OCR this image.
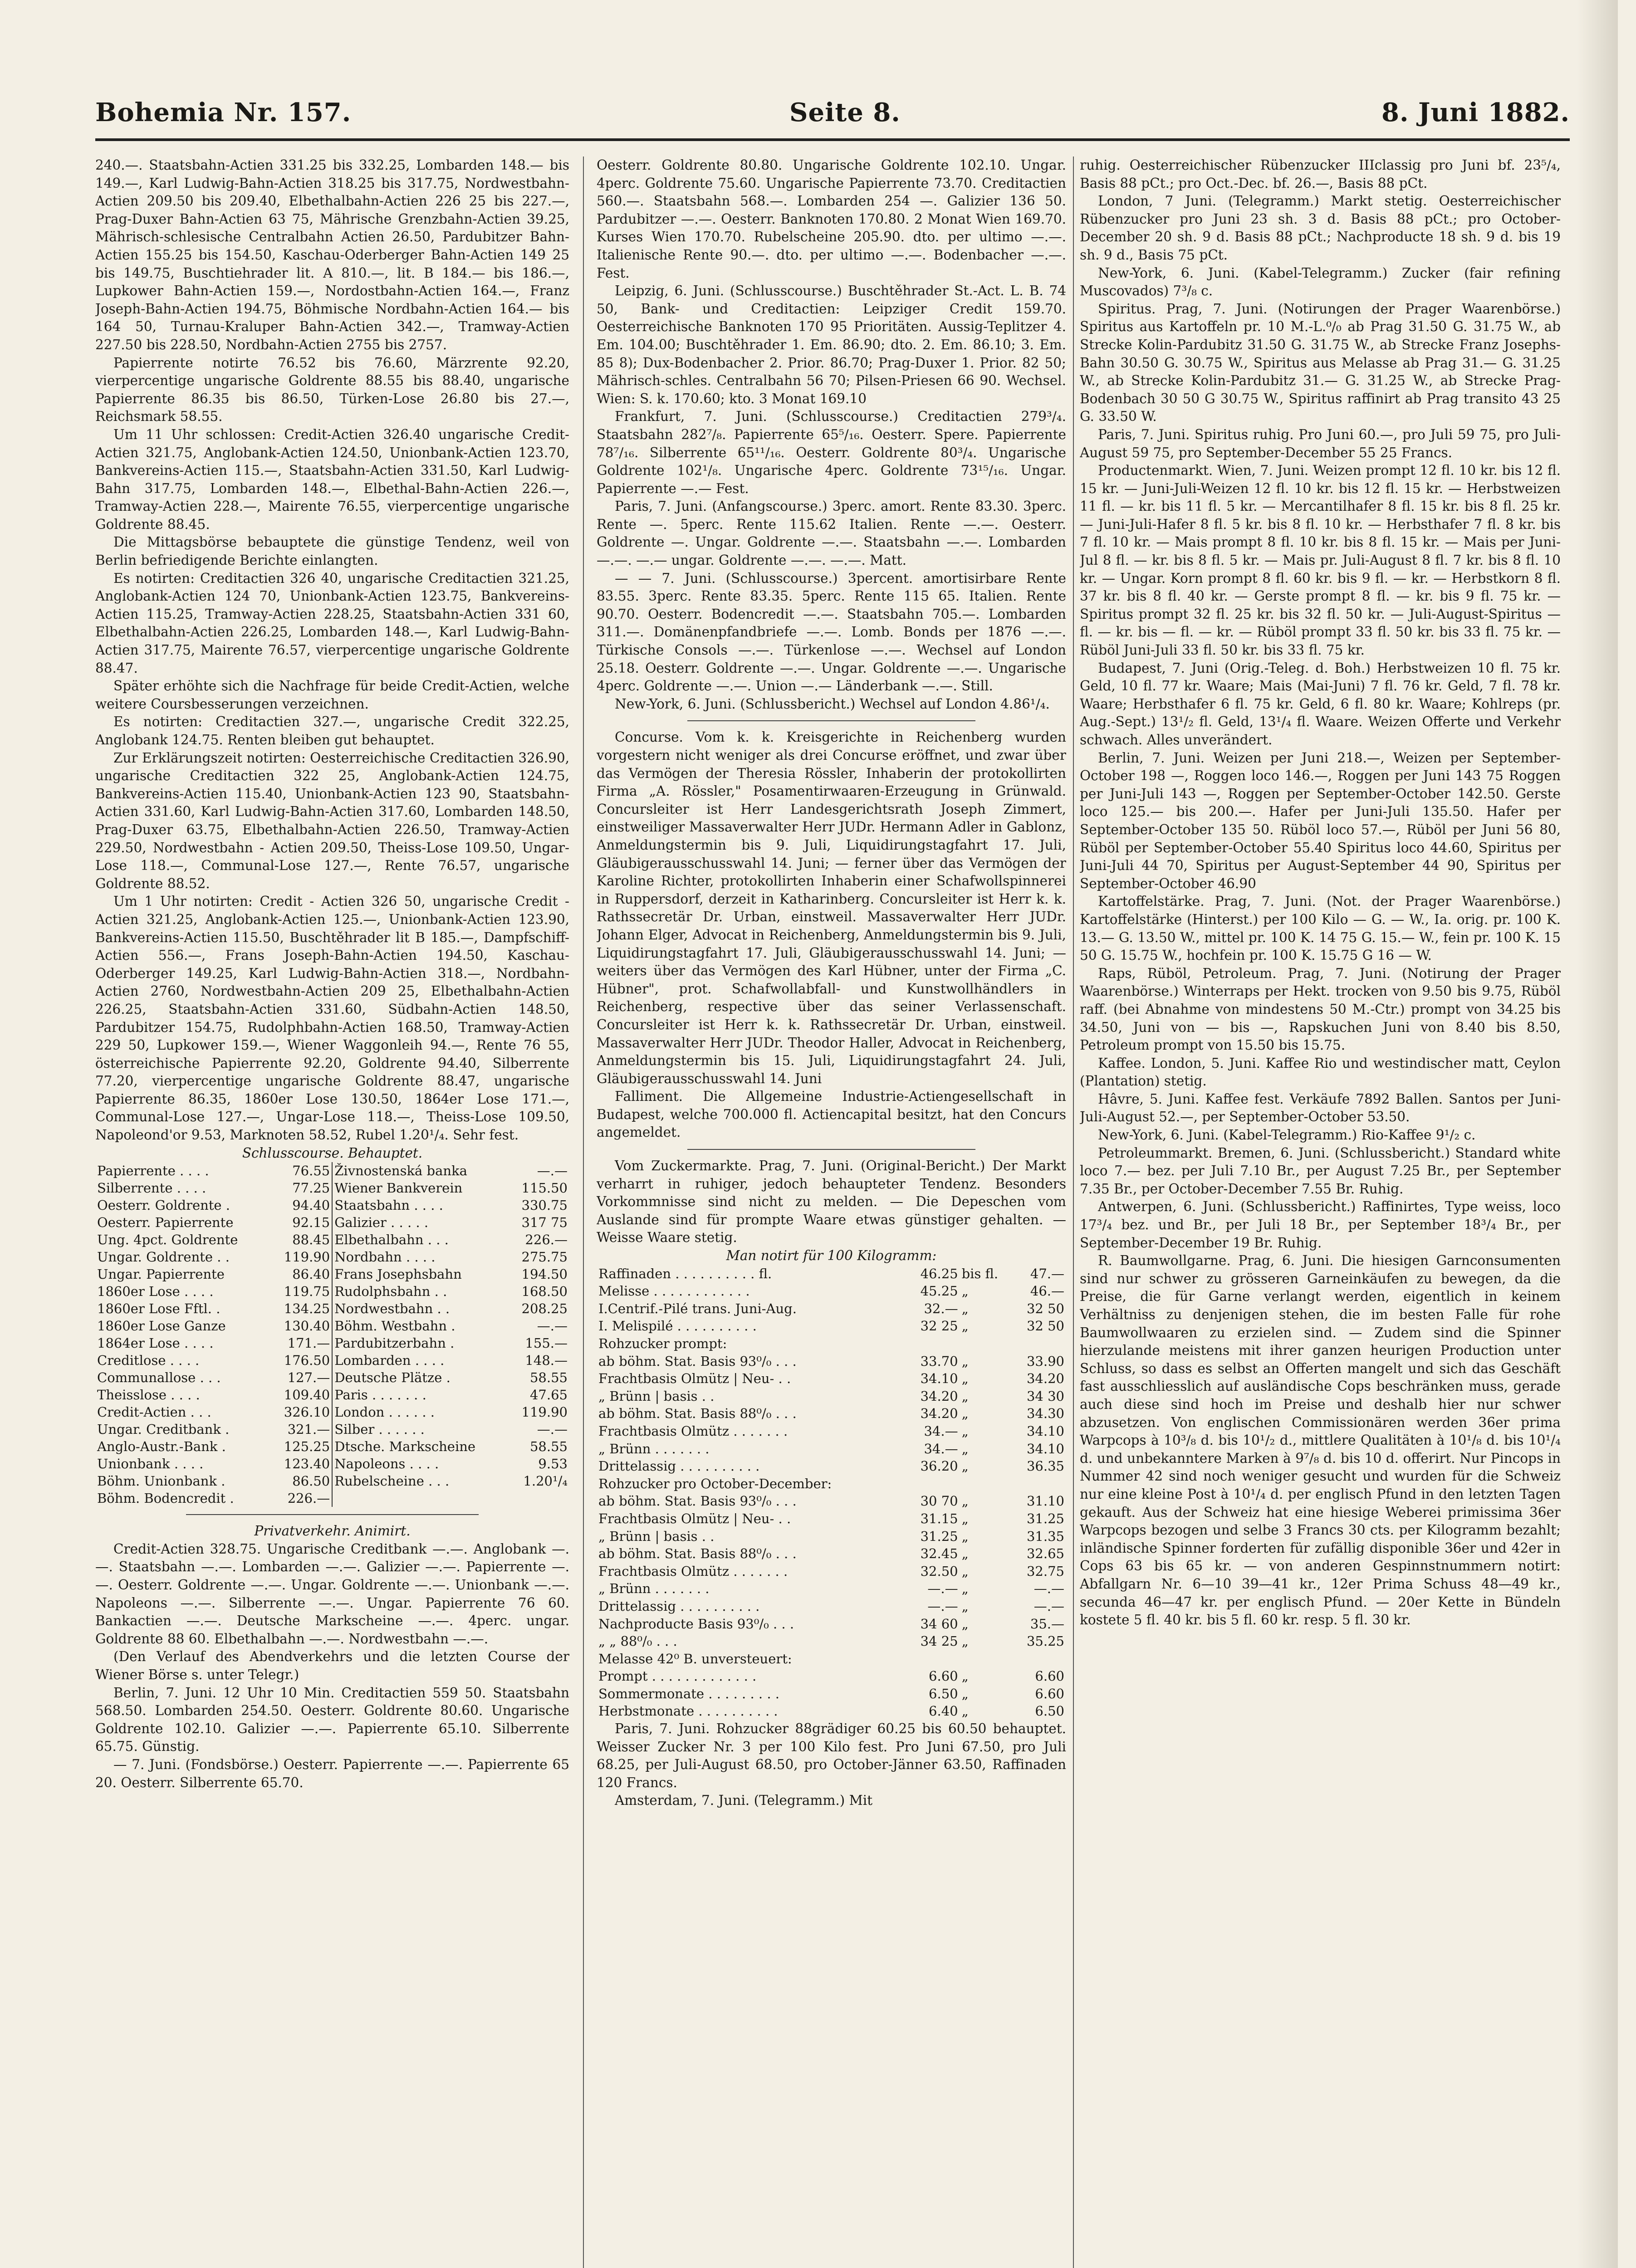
Bohemia Nr. 157.	Seite 8.	8. Juni 1882.

240.—. Staatsbahn-Actien 331.25 bis 332.25, Lombarden 148.— bis 149.—, Karl Ludwig-Bahn-Actien 318.25 bis 317.75, Nordwestbahn-Actien 209.50 bis 209.40, Elbethalbahn-Actien 226 25 bis 227.—, Prag-Duxer Bahn-Actien 63 75, Mährische Grenzbahn-Actien 39.25, Mährisch-schlesische Centralbahn Actien 26.50, Pardubitzer Bahn-Actien 155.25 bis 154.50, Kaschau-Oderberger Bahn-Actien 149 25 bis 149.75, Buschtiehrader lit. A 810.—, lit. B 184.— bis 186.—, Lupkower Bahn-Actien 159.—, Nordostbahn-Actien 164.—, Franz Joseph-Bahn-Actien 194.75, Böhmische Nordbahn-Actien 164.— bis 164 50, Turnau-Kraluper Bahn-Actien 342.—, Tramway-Actien 227.50 bis 228.50, Nordbahn-Actien 2755 bis 2757.

Papierrente notirte 76.52 bis 76.60, Märzrente 92.20, vierpercentige ungarische Goldrente 88.55 bis 88.40, ungarische Papierrente 86.35 bis 86.50, Türken-Lose 26.80 bis 27.—, Reichsmark 58.55.

Um 11 Uhr schlossen: Credit-Actien 326.40 ungarische Credit-Actien 321.75, Anglobank-Actien 124.50, Unionbank-Actien 123.70, Bankvereins-Actien 115.—, Staatsbahn-Actien 331.50, Karl Ludwig-Bahn 317.75, Lombarden 148.—, Elbethal-Bahn-Actien 226.—, Tramway-Actien 228.—, Mairente 76.55, vierpercentige ungarische Goldrente 88.45.

Die Mittagsbörse bebauptete die günstige Tendenz, weil von Berlin befriedigende Berichte einlangten.

Es notirten: Creditactien 326 40, ungarische Creditactien 321.25, Anglobank-Actien 124 70, Unionbank-Actien 123.75, Bankvereins-Actien 115.25, Tramway-Actien 228.25, Staatsbahn-Actien 331 60, Elbethalbahn-Actien 226.25, Lombarden 148.—, Karl Ludwig-Bahn-Actien 317.75, Mairente 76.57, vierpercentige ungarische Goldrente 88.47.

Später erhöhte sich die Nachfrage für beide Credit-Actien, welche weitere Coursbesserungen verzeichnen.

Es notirten: Creditactien 327.—, ungarische Credit 322.25, Anglobank 124.75. Renten bleiben gut behauptet.

Zur Erklärungszeit notirten: Oesterreichische Creditactien 326.90, ungarische Creditactien 322 25, Anglobank-Actien 124.75, Bankvereins-Actien 115.40, Unionbank-Actien 123 90, Staatsbahn-Actien 331.60, Karl Ludwig-Bahn-Actien 317.60, Lombarden 148.50, Prag-Duxer 63.75, Elbethalbahn-Actien 226.50, Tramway-Actien 229.50, Nordwestbahn - Actien 209.50, Theiss-Lose 109.50, Ungar-Lose 118.—, Communal-Lose 127.—, Rente 76.57, ungarische Goldrente 88.52.

Um 1 Uhr notirten: Credit - Actien 326 50, ungarische Credit - Actien 321.25, Anglobank-Actien 125.—, Unionbank-Actien 123.90, Bankvereins-Actien 115.50, Buschtěhrader lit B 185.—, Dampfschiff-Actien 556.—, Frans Joseph-Bahn-Actien 194.50, Kaschau-Oderberger 149.25, Karl Ludwig-Bahn-Actien 318.—, Nordbahn-Actien 2760, Nordwestbahn-Actien 209 25, Elbethalbahn-Actien 226.25, Staatsbahn-Actien 331.60, Südbahn-Actien 148.50, Pardubitzer 154.75, Rudolphbahn-Actien 168.50, Tramway-Actien 229 50, Lupkower 159.—, Wiener Waggonleih 94.—, Rente 76 55, österreichische Papierrente 92.20, Goldrente 94.40, Silberrente 77.20, vierpercentige ungarische Goldrente 88.47, ungarische Papierrente 86.35, 1860er Lose 130.50, 1864er Lose 171.—, Communal-Lose 127.—, Ungar-Lose 118.—, Theiss-Lose 109.50, Napoleond'or 9.53, Marknoten 58.52, Rubel 1.20¹/₄. Sehr fest.

Schlusscourse. Behauptet.

Papierrente . . . .	76.55	Živnostenská banka	—.—
Silberrente . . . .	77.25	Wiener Bankverein	115.50
Oesterr. Goldrente .	94.40	Staatsbahn . . . .	330.75
Oesterr. Papierrente	92.15	Galizier . . . . .	317 75
Ung. 4pct. Goldrente	88.45	Elbethalbahn . . .	226.—
Ungar. Goldrente . .	119.90	Nordbahn . . . .	275.75
Ungar. Papierrente	86.40	Frans Josephsbahn	194.50
1860er Lose . . . .	119.75	Rudolphsbahn . .	168.50
1860er Lose Fftl. .	134.25	Nordwestbahn . .	208.25
1860er Lose Ganze	130.40	Böhm. Westbahn .	—.—
1864er Lose . . . .	171.—	Pardubitzerbahn .	155.—
Creditlose . . . .	176.50	Lombarden . . . .	148.—
Communallose . . .	127.—	Deutsche Plätze .	58.55
Theisslose . . . .	109.40	Paris . . . . . . .	47.65
Credit-Actien . . .	326.10	London . . . . . .	119.90
Ungar. Creditbank .	321.—	Silber . . . . . .	—.—
Anglo-Austr.-Bank .	125.25	Dtsche. Markscheine	58.55
Unionbank . . . .	123.40	Napoleons . . . .	9.53
Böhm. Unionbank .	86.50	Rubelscheine . . .	1.20¹/₄
Böhm. Bodencredit .	226.—		

Privatverkehr. Animirt.

Credit-Actien 328.75. Ungarische Creditbank —.—. Anglobank —.—. Staatsbahn —.—. Lombarden —.—. Galizier —.—. Papierrente —.—. Oesterr. Goldrente —.—. Ungar. Goldrente —.—. Unionbank —.—. Napoleons —.—. Silberrente —.—. Ungar. Papierrente 76 60. Bankactien —.—. Deutsche Markscheine —.—. 4perc. ungar. Goldrente 88 60. Elbethalbahn —.—. Nordwestbahn —.—.

(Den Verlauf des Abendverkehrs und die letzten Course der Wiener Börse s. unter Telegr.)

Berlin, 7. Juni. 12 Uhr 10 Min. Creditactien 559 50. Staatsbahn 568.50. Lombarden 254.50. Oesterr. Goldrente 80.60. Ungarische Goldrente 102.10. Galizier —.—. Papierrente 65.10. Silberrente 65.75. Günstig.

— 7. Juni. (Fondsbörse.) Oesterr. Papierrente —.—. Papierrente 65 20. Oesterr. Silberrente 65.70.

Oesterr. Goldrente 80.80. Ungarische Goldrente 102.10. Ungar. 4perc. Goldrente 75.60. Ungarische Papierrente 73.70. Creditactien 560.—. Staatsbahn 568.—. Lombarden 254 —. Galizier 136 50. Pardubitzer —.—. Oesterr. Banknoten 170.80. 2 Monat Wien 169.70. Kurses Wien 170.70. Rubelscheine 205.90. dto. per ultimo —.—. Italienische Rente 90.—. dto. per ultimo —.—. Bodenbacher —.—. Fest.

Leipzig, 6. Juni. (Schlusscourse.) Buschtěhrader St.-Act. L. B. 74 50, Bank- und Creditactien: Leipziger Credit 159.70. Oesterreichische Banknoten 170 95 Prioritäten. Aussig-Teplitzer 4. Em. 104.00; Buschtěhrader 1. Em. 86.90; dto. 2. Em. 86.10; 3. Em. 85 8); Dux-Bodenbacher 2. Prior. 86.70; Prag-Duxer 1. Prior. 82 50; Mährisch-schles. Centralbahn 56 70; Pilsen-Priesen 66 90. Wechsel. Wien: S. k. 170.60; kto. 3 Monat 169.10

Frankfurt, 7. Juni. (Schlusscourse.) Creditactien 279³/₄. Staatsbahn 282⁷/₈. Papierrente 65⁵/₁₆. Oesterr. Spere. Papierrente 78⁷/₁₆. Silberrente 65¹¹/₁₆. Oesterr. Goldrente 80³/₄. Ungarische Goldrente 102¹/₈. Ungarische 4perc. Goldrente 73¹⁵/₁₆. Ungar. Papierrente —.— Fest.

Paris, 7. Juni. (Anfangscourse.) 3perc. amort. Rente 83.30. 3perc. Rente —. 5perc. Rente 115.62 Italien. Rente —.—. Oesterr. Goldrente —. Ungar. Goldrente —.—. Staatsbahn —.—. Lombarden —.—. —.— ungar. Goldrente —.—. —.—. Matt.

— — 7. Juni. (Schlusscourse.) 3percent. amortisirbare Rente 83.55. 3perc. Rente 83.35. 5perc. Rente 115 65. Italien. Rente 90.70. Oesterr. Bodencredit —.—. Staatsbahn 705.—. Lombarden 311.—. Domänenpfandbriefe —.—. Lomb. Bonds per 1876 —.—. Türkische Consols —.—. Türkenlose —.—. Wechsel auf London 25.18. Oesterr. Goldrente —.—. Ungar. Goldrente —.—. Ungarische 4perc. Goldrente —.—. Union —.— Länderbank —.—. Still.

New-York, 6. Juni. (Schlussbericht.) Wechsel auf London 4.86¹/₄.

Concurse. Vom k. k. Kreisgerichte in Reichenberg wurden vorgestern nicht weniger als drei Concurse eröffnet, und zwar über das Vermögen der Theresia Rössler, Inhaberin der protokollirten Firma „A. Rössler," Posamentirwaaren-Erzeugung in Grünwald. Concursleiter ist Herr Landesgerichtsrath Joseph Zimmert, einstweiliger Massaverwalter Herr JUDr. Hermann Adler in Gablonz, Anmeldungstermin bis 9. Juli, Liquidirungstagfahrt 17. Juli, Gläubigerausschusswahl 14. Juni; — ferner über das Vermögen der Karoline Richter, protokollirten Inhaberin einer Schafwollspinnerei in Ruppersdorf, derzeit in Katharinberg. Concursleiter ist Herr k. k. Rathssecretär Dr. Urban, einstweil. Massaverwalter Herr JUDr. Johann Elger, Advocat in Reichenberg, Anmeldungstermin bis 9. Juli, Liquidirungstagfahrt 17. Juli, Gläubigerausschusswahl 14. Juni; — weiters über das Vermögen des Karl Hübner, unter der Firma „C. Hübner", prot. Schafwollabfall- und Kunstwollhändlers in Reichenberg, respective über das seiner Verlassenschaft. Concursleiter ist Herr k. k. Rathssecretär Dr. Urban, einstweil. Massaverwalter Herr JUDr. Theodor Haller, Advocat in Reichenberg, Anmeldungstermin bis 15. Juli, Liquidirungstagfahrt 24. Juli, Gläubigerausschusswahl 14. Juni

Falliment. Die Allgemeine Industrie-Actiengesellschaft in Budapest, welche 700.000 fl. Actiencapital besitzt, hat den Concurs angemeldet.

Vom Zuckermarkte. Prag, 7. Juni. (Original-Bericht.) Der Markt verharrt in ruhiger, jedoch behaupteter Tendenz. Besonders Vorkommnisse sind nicht zu melden. — Die Depeschen vom Auslande sind für prompte Waare etwas günstiger gehalten. — Weisse Waare stetig.

Man notirt für 100 Kilogramm:

Raffinaden . . . . . . . . . . fl.	46.25	bis fl.	47.—
Melisse . . . . . . . . . . . .	45.25	„	46.—
I.Centrif.-Pilé trans. Juni-Aug.	32.—	„	32 50
I. Melispilé . . . . . . . . . .	32 25	„	32 50
Rohzucker prompt:			
ab böhm. Stat. Basis 93⁰/₀ . . .	33.70	„	33.90
Frachtbasis Olmütz | Neu- . .	34.10	„	34.20
„ Brünn | basis . .	34.20	„	34 30
ab böhm. Stat. Basis 88⁰/₀ . . .	34.20	„	34.30
Frachtbasis Olmütz . . . . . . .	34.—	„	34.10
„ Brünn . . . . . . .	34.—	„	34.10
Drittelassig . . . . . . . . . .	36.20	„	36.35
Rohzucker pro October-December:			
ab böhm. Stat. Basis 93⁰/₀ . . .	30 70	„	31.10
Frachtbasis Olmütz | Neu- . .	31.15	„	31.25
„ Brünn | basis . .	31.25	„	31.35
ab böhm. Stat. Basis 88⁰/₀ . . .	32.45	„	32.65
Frachtbasis Olmütz . . . . . . .	32.50	„	32.75
„ Brünn . . . . . . .	—.—	„	—.—
Drittelassig . . . . . . . . . .	—.—	„	—.—
Nachproducte Basis 93⁰/₀ . . .	34 60	„	35.—
„ „ 88⁰/₀ . . .	34 25	„	35.25
Melasse 42⁰ B. unversteuert:			
Prompt . . . . . . . . . . . . .	6.60	„	6.60
Sommermonate . . . . . . . . .	6.50	„	6.60
Herbstmonate . . . . . . . . . .	6.40	„	6.50

Paris, 7. Juni. Rohzucker 88grädiger 60.25 bis 60.50 behauptet. Weisser Zucker Nr. 3 per 100 Kilo fest. Pro Juni 67.50, pro Juli 68.25, per Juli-August 68.50, pro October-Jänner 63.50, Raffinaden 120 Francs.

Amsterdam, 7. Juni. (Telegramm.) Mit

ruhig. Oesterreichischer Rübenzucker IIIclassig pro Juni bf. 23⁵/₄, Basis 88 pCt.; pro Oct.-Dec. bf. 26.—, Basis 88 pCt.

London, 7 Juni. (Telegramm.) Markt stetig. Oesterreichischer Rübenzucker pro Juni 23 sh. 3 d. Basis 88 pCt.; pro October-December 20 sh. 9 d. Basis 88 pCt.; Nachproducte 18 sh. 9 d. bis 19 sh. 9 d., Basis 75 pCt.

New-York, 6. Juni. (Kabel-Telegramm.) Zucker (fair refining Muscovados) 7³/₈ c.

Spiritus. Prag, 7. Juni. (Notirungen der Prager Waarenbörse.) Spiritus aus Kartoffeln pr. 10 M.-L.⁰/₀ ab Prag 31.50 G. 31.75 W., ab Strecke Kolin-Pardubitz 31.50 G. 31.75 W., ab Strecke Franz Josephs-Bahn 30.50 G. 30.75 W., Spiritus aus Melasse ab Prag 31.— G. 31.25 W., ab Strecke Kolin-Pardubitz 31.— G. 31.25 W., ab Strecke Prag-Bodenbach 30 50 G 30.75 W., Spiritus raffinirt ab Prag transito 43 25 G. 33.50 W.

Paris, 7. Juni. Spiritus ruhig. Pro Juni 60.—, pro Juli 59 75, pro Juli-August 59 75, pro September-December 55 25 Francs.

Productenmarkt. Wien, 7. Juni. Weizen prompt 12 fl. 10 kr. bis 12 fl. 15 kr. — Juni-Juli-Weizen 12 fl. 10 kr. bis 12 fl. 15 kr. — Herbstweizen 11 fl. — kr. bis 11 fl. 5 kr. — Mercantilhafer 8 fl. 15 kr. bis 8 fl. 25 kr. — Juni-Juli-Hafer 8 fl. 5 kr. bis 8 fl. 10 kr. — Herbsthafer 7 fl. 8 kr. bis 7 fl. 10 kr. — Mais prompt 8 fl. 10 kr. bis 8 fl. 15 kr. — Mais per Juni-Jul 8 fl. — kr. bis 8 fl. 5 kr. — Mais pr. Juli-August 8 fl. 7 kr. bis 8 fl. 10 kr. — Ungar. Korn prompt 8 fl. 60 kr. bis 9 fl. — kr. — Herbstkorn 8 fl. 37 kr. bis 8 fl. 40 kr. — Gerste prompt 8 fl. — kr. bis 9 fl. 75 kr. — Spiritus prompt 32 fl. 25 kr. bis 32 fl. 50 kr. — Juli-August-Spiritus — fl. — kr. bis — fl. — kr. — Rüböl prompt 33 fl. 50 kr. bis 33 fl. 75 kr. — Rüböl Juni-Juli 33 fl. 50 kr. bis 33 fl. 75 kr.

Budapest, 7. Juni (Orig.-Teleg. d. Boh.) Herbstweizen 10 fl. 75 kr. Geld, 10 fl. 77 kr. Waare; Mais (Mai-Juni) 7 fl. 76 kr. Geld, 7 fl. 78 kr. Waare; Herbsthafer 6 fl. 75 kr. Geld, 6 fl. 80 kr. Waare; Kohlreps (pr. Aug.-Sept.) 13¹/₂ fl. Geld, 13¹/₄ fl. Waare. Weizen Offerte und Verkehr schwach. Alles unverändert.

Berlin, 7. Juni. Weizen per Juni 218.—, Weizen per September-October 198 —, Roggen loco 146.—, Roggen per Juni 143 75 Roggen per Juni-Juli 143 —, Roggen per September-October 142.50. Gerste loco 125.— bis 200.—. Hafer per Juni-Juli 135.50. Hafer per September-October 135 50. Rüböl loco 57.—, Rüböl per Juni 56 80, Rüböl per September-October 55.40 Spiritus loco 44.60, Spiritus per Juni-Juli 44 70, Spiritus per August-September 44 90, Spiritus per September-October 46.90

Kartoffelstärke. Prag, 7. Juni. (Not. der Prager Waarenbörse.) Kartoffelstärke (Hinterst.) per 100 Kilo — G. — W., Ia. orig. pr. 100 K. 13.— G. 13.50 W., mittel pr. 100 K. 14 75 G. 15.— W., fein pr. 100 K. 15 50 G. 15.75 W., hochfein pr. 100 K. 15.75 G 16 — W.

Raps, Rüböl, Petroleum. Prag, 7. Juni. (Notirung der Prager Waarenbörse.) Winterraps per Hekt. trocken von 9.50 bis 9.75, Rüböl raff. (bei Abnahme von mindestens 50 M.-Ctr.) prompt von 34.25 bis 34.50, Juni von — bis —, Rapskuchen Juni von 8.40 bis 8.50, Petroleum prompt von 15.50 bis 15.75.

Kaffee. London, 5. Juni. Kaffee Rio und westindischer matt, Ceylon (Plantation) stetig.

Hâvre, 5. Juni. Kaffee fest. Verkäufe 7892 Ballen. Santos per Juni-Juli-August 52.—, per September-October 53.50.

New-York, 6. Juni. (Kabel-Telegramm.) Rio-Kaffee 9¹/₂ c.

Petroleummarkt. Bremen, 6. Juni. (Schlussbericht.) Standard white loco 7.— bez. per Juli 7.10 Br., per August 7.25 Br., per September 7.35 Br., per October-December 7.55 Br. Ruhig.

Antwerpen, 6. Juni. (Schlussbericht.) Raffinirtes, Type weiss, loco 17³/₄ bez. und Br., per Juli 18 Br., per September 18³/₄ Br., per September-December 19 Br. Ruhig.

R. Baumwollgarne. Prag, 6. Juni. Die hiesigen Garnconsumenten sind nur schwer zu grösseren Garneinkäufen zu bewegen, da die Preise, die für Garne verlangt werden, eigentlich in keinem Verhältniss zu denjenigen stehen, die im besten Falle für rohe Baumwollwaaren zu erzielen sind. — Zudem sind die Spinner hierzulande meistens mit ihrer ganzen heurigen Production unter Schluss, so dass es selbst an Offerten mangelt und sich das Geschäft fast ausschliesslich auf ausländische Cops beschränken muss, gerade auch diese sind hoch im Preise und deshalb hier nur schwer abzusetzen. Von englischen Commissionären werden 36er prima Warpcops à 10³/₈ d. bis 10¹/₂ d., mittlere Qualitäten à 10¹/₈ d. bis 10¹/₄ d. und unbekanntere Marken à 9⁷/₈ d. bis 10 d. offerirt. Nur Pincops in Nummer 42 sind noch weniger gesucht und wurden für die Schweiz nur eine kleine Post à 10¹/₄ d. per englisch Pfund in den letzten Tagen gekauft. Aus der Schweiz hat eine hiesige Weberei primissima 36er Warpcops bezogen und selbe 3 Francs 30 cts. per Kilogramm bezahlt; inländische Spinner forderten für zufällig disponible 36er und 42er in Cops 63 bis 65 kr. — von anderen Gespinnstnummern notirt: Abfallgarn Nr. 6—10 39—41 kr., 12er Prima Schuss 48—49 kr., secunda 46—47 kr. per englisch Pfund. — 20er Kette in Bündeln kostete 5 fl. 40 kr. bis 5 fl. 60 kr. resp. 5 fl. 30 kr.
